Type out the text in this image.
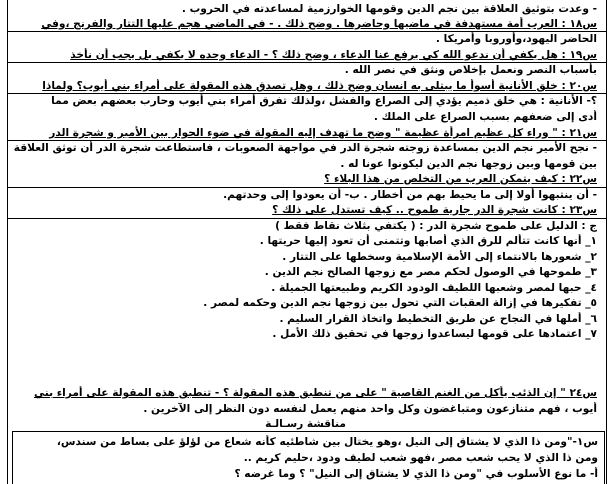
- وعدت بتوثيق العلاقة بين نجم الدين وقومها الخوارزمية لمساعدته في الحروب .
س١٨ : العرب أمة مستهدفة في ماضيها وحاضرها . وضح ذلك . - في الماضي هجم عليها التتار والفرنج ،وفي
الحاضر اليهود،وأوروبا وأمريكا .
س١٩ : هل يكفي أن ندعو الله كي يرفع عنا الدعاء ، وضح ذلك ؟ - الدعاء وحده لا يكفي بل يجب أن نأخذ
بأسباب النصر ونعمل بإخلاص ونثق في نصر الله .
س٢٠ : خلق الأنانية أسوأ ما يبتلى به انسان وضح ذلك ، وهل تصدق هذه المقولة على أمراء بني أيوب؟ ولماذا
؟- الأنانية : هي خلق ذميم يؤدي إلى الصراع والفشل ،ولذلك تفرق أمراء بني أيوب وحارب بعضهم بعض مما
أدى إلى ضعفهم بسبب الصراع على الملك .
س٢١ : " وراء كل عظيم امرأة عظيمة " وضح ما تهدف إليه المقولة في ضوء الحوار بين الأمير و شجرة الدر
- نجح الأمير نجم الدين بمساعدة زوجته شجرة الدر في مواجهة الصعوبات ، فاستطاعت شجرة الدر أن توثق العلاقة
بين قومها وبين زوجها نجم الدين ليكونوا عونا له .
س٢٢ : كيف يتمكن العرب من التخلص من هذا البلاء ؟
- أن ينتبهوا أولا إلى ما يحيط بهم من أخطار . ب- أن يعودوا إلى وحدتهم.
س٢٣ : كانت شجرة الدر جارية طموح .. كيف تستدل على ذلك ؟
ج : الدليل على طموح شجرة الدر : ( يكتفي بثلاث نقاط فقط )
١_ أنها كانت تتألم للرق الذي أصابها وتتمنى أن تعود إليها حريتها .
٢_ شعورها بالانتماء إلى الأمة الإسلامية وسخطها على التتار .
٣_ طموحها في الوصول لحكم مصر مع زوجها الصالح نجم الدين .
٤_ حبها لمصر وشعبها اللطيف الودود الكريم وطبيعتها الجميلة .
٥_ تفكيرها في إزالة العقبات التي تحول بين زوجها نجم الدين وحكمه لمصر .
٦_ أملها في النجاح عن طريق التخطيط واتخاذ القرار السليم .
٧_ اعتمادها على قومها ليساعدوا زوجها في تحقيق ذلك الأمل .
س٢٤ " إن الذئب يأكل من الغنم القاصية " على من تنطبق هذه المقولة ؟ - تنطبق هذه المقولة على أمراء بني
أيوب ، فهم متنازعون ومتباغضون وكل واحد منهم يعمل لنفسه دون النظر إلى الآخرين .
مناقشة رسـالـة
س١-"ومن ذا الذي لا يشتاق إلى النيل ،وهو يختال بين شاطئيه كأنه شعاع من لؤلؤ على بساط من سندس،
ومن ذا الذي لا يحب شعب مصر ،فهو شعب لطيف ودود ،حليم كريم ..
أ- ما نوع الأسلوب في "ومن ذا الذي لا يشتاق إلى النيل" ؟ وما غرضه ؟
